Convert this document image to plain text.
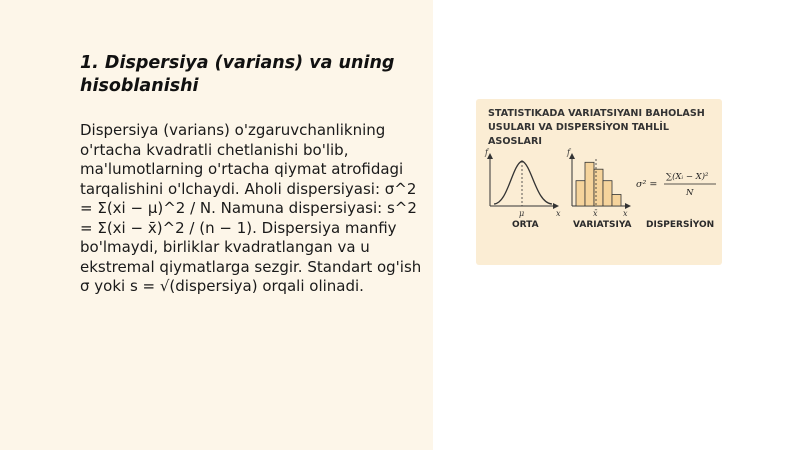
1. Dispersiya (varians) va uning hisoblanishi

Dispersiya (varians) o'zgaruvchanlikning o'rtacha kvadratli chetlanishi bo'lib, ma'lumotlarning o'rtacha qiymat atrofidagi tarqalishini o'lchaydi. Aholi dispersiyasi: σ^2 = Σ(xi − μ)^2 / N. Namuna dispersiyasi: s^2 = Σ(xi − x̄)^2 / (n − 1). Dispersiya manfiy bo'lmaydi, birliklar kvadratlangan va u ekstremal qiymatlarga sezgir. Standart og'ish σ yoki s = √(dispersiya) orqali olinadi.

f
x
μ
f
x
x̄
σ² =
∑(Xᵢ − X)²
N
STATISTIKADA VARIATSIYANI BAHOLASH USULARI VA DISPERSİYON TAHLİL ASOSLARI
ORTA	VARIATSIYA DISPERSİYON
